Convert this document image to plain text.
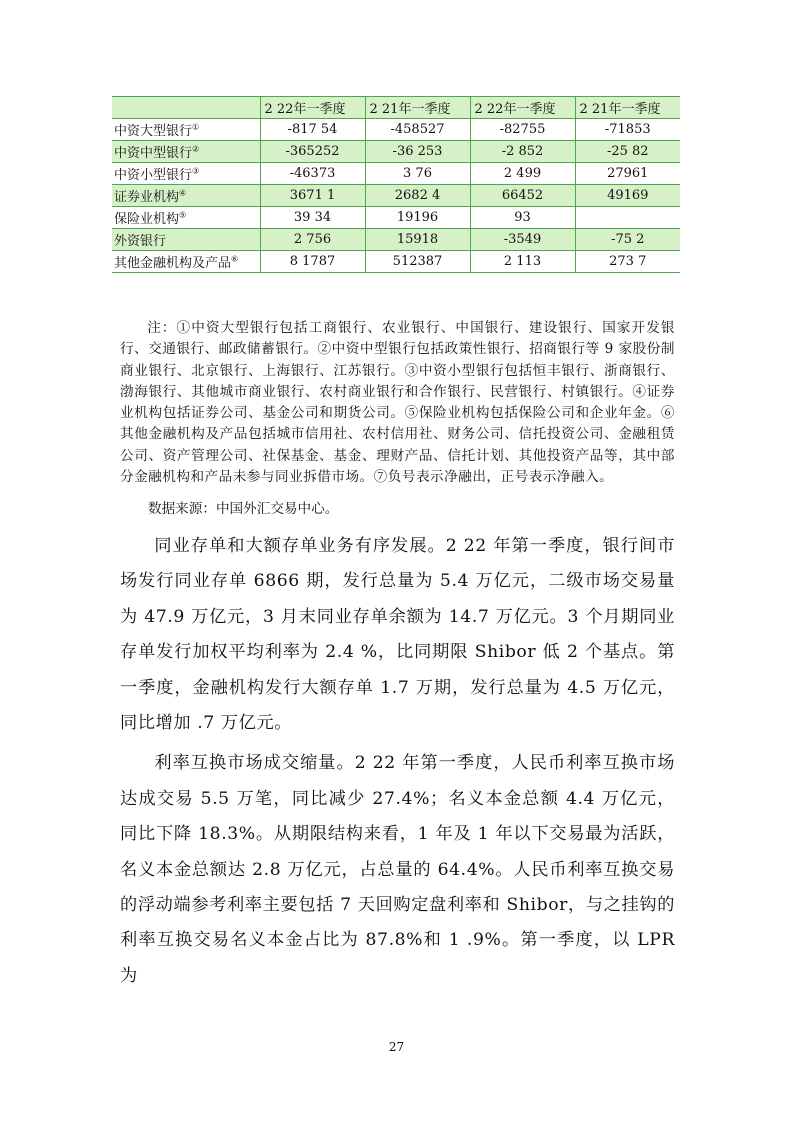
	2 22年一季度	2 21年一季度	2 22年一季度	2 21年一季度
中资大型银行①	-817 54	-458527	-82755	-71853
中资中型银行②	-365252	-36 253	-2 852	-25 82
中资小型银行③	-46373	3 76	2 499	27961
证券业机构④	3671 1	2682 4	66452	49169
保险业机构⑤	39 34	19196	93	
外资银行	2 756	15918	-3549	-75 2
其他金融机构及产品⑥	8 1787	512387	2 113	273 7

注：①中资大型银行包括工商银行、农业银行、中国银行、建设银行、国家开发银行、交通银行、邮政储蓄银行。②中资中型银行包括政策性银行、招商银行等 9 家股份制商业银行、北京银行、上海银行、江苏银行。③中资小型银行包括恒丰银行、浙商银行、渤海银行、其他城市商业银行、农村商业银行和合作银行、民营银行、村镇银行。④证券业机构包括证券公司、基金公司和期货公司。⑤保险业机构包括保险公司和企业年金。⑥其他金融机构及产品包括城市信用社、农村信用社、财务公司、信托投资公司、金融租赁公司、资产管理公司、社保基金、基金、理财产品、信托计划、其他投资产品等，其中部分金融机构和产品未参与同业拆借市场。⑦负号表示净融出，正号表示净融入。

数据来源：中国外汇交易中心。

同业存单和大额存单业务有序发展。2 22 年第一季度，银行间市场发行同业存单 6866 期，发行总量为 5.4 万亿元，二级市场交易量为 47.9 万亿元，3 月末同业存单余额为 14.7 万亿元。3 个月期同业存单发行加权平均利率为 2.4 %，比同期限 Shibor 低 2 个基点。第一季度，金融机构发行大额存单 1.7 万期，发行总量为 4.5 万亿元，同比增加 .7 万亿元。

利率互换市场成交缩量。2 22 年第一季度，人民币利率互换市场达成交易 5.5 万笔，同比减少 27.4%；名义本金总额 4.4 万亿元，同比下降 18.3%。从期限结构来看，1 年及 1 年以下交易最为活跃，名义本金总额达 2.8 万亿元，占总量的 64.4%。人民币利率互换交易的浮动端参考利率主要包括 7 天回购定盘利率和 Shibor，与之挂钩的利率互换交易名义本金占比为 87.8%和 1 .9%。第一季度，以 LPR 为

27
